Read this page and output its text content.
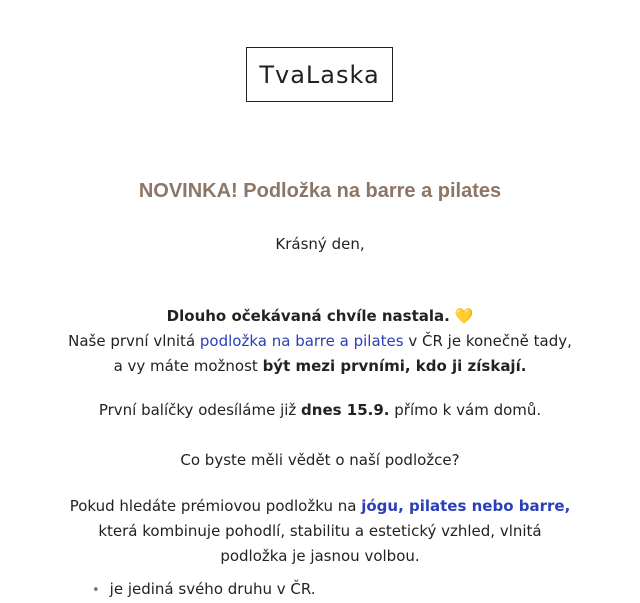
TvaLaska
NOVINKA! Podložka na barre a pilates
Krásný den,
Dlouho očekávaná chvíle nastala. 💛
Naše první vlnitá podložka na barre a pilates v ČR je konečně tady,
a vy máte možnost být mezi prvními, kdo ji získají.
První balíčky odesíláme již dnes 15.9. přímo k vám domů.
Co byste měli vědět o naší podložce?
Pokud hledáte prémiovou podložku na jógu, pilates nebo barre,
která kombinuje pohodlí, stabilitu a estetický vzhled, vlnitá
podložka je jasnou volbou.
• je jediná svého druhu v ČR.
